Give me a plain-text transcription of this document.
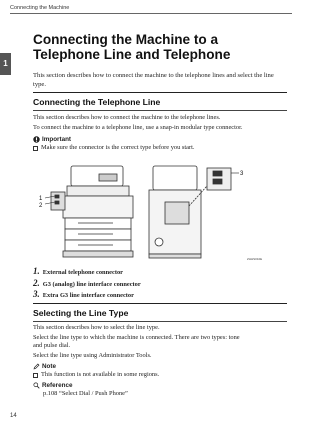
Connecting the Machine
1
Connecting the Machine to a Telephone Line and Telephone

This section describes how to connect the machine to the telephone lines and select the line type.

Connecting the Telephone Line

This section describes how to connect the machine to the telephone lines.

To connect the machine to a telephone line, use a snap-in modular type connector.

Important
Make sure the connector is the correct type before you start.
1
2
3
ZHHS010E
1. External telephone connector
2. G3 (analog) line interface connector
3. Extra G3 line interface connector
Selecting the Line Type

This section describes how to select the line type.

Select the line type to which the machine is connected. There are two types: tone

and pulse dial.

Select the line type using Administrator Tools.

Note
This function is not available in some regions.
Reference
p.108 “Select Dial / Push Phone”
14
